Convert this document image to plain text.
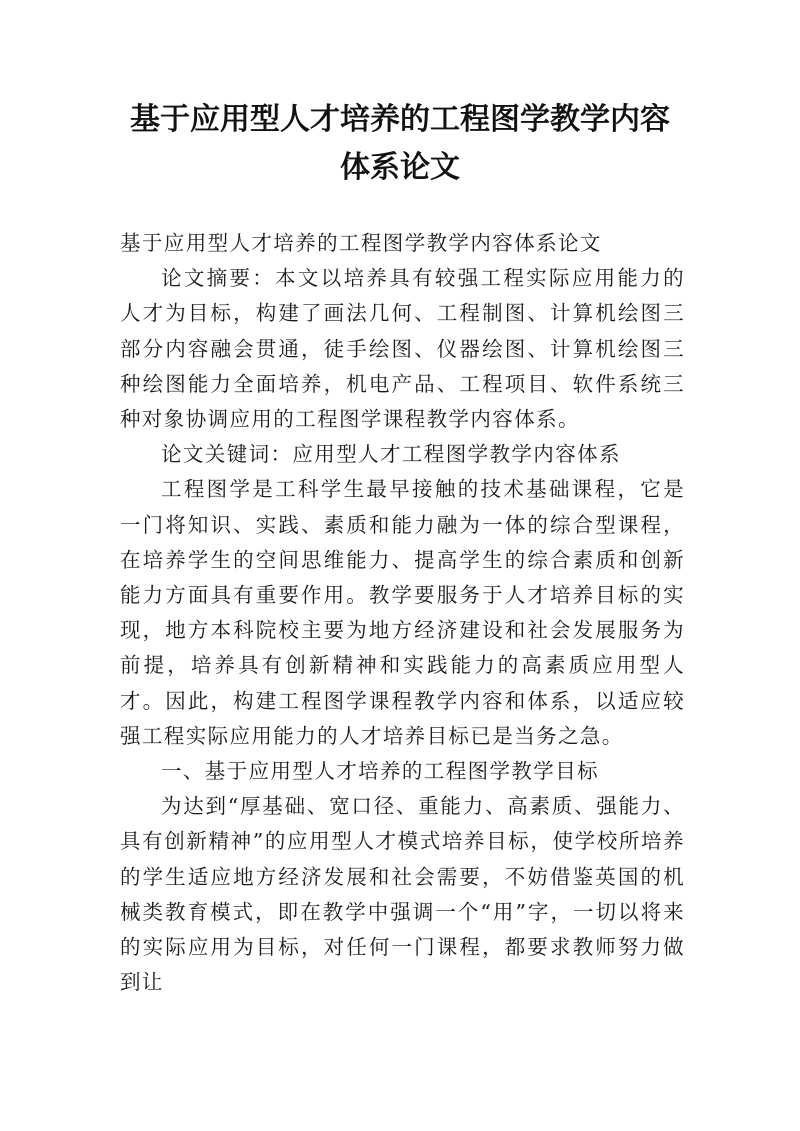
基于应用型人才培养的工程图学教学内容
体系论文

基于应用型人才培养的工程图学教学内容体系论文

论文摘要：本文以培养具有较强工程实际应用能力的人才为目标，构建了画法几何、工程制图、计算机绘图三部分内容融会贯通，徒手绘图、仪器绘图、计算机绘图三种绘图能力全面培养，机电产品、工程项目、软件系统三种对象协调应用的工程图学课程教学内容体系。

论文关键词：应用型人才工程图学教学内容体系

工程图学是工科学生最早接触的技术基础课程，它是一门将知识、实践、素质和能力融为一体的综合型课程，在培养学生的空间思维能力、提高学生的综合素质和创新能力方面具有重要作用。教学要服务于人才培养目标的实现，地方本科院校主要为地方经济建设和社会发展服务为前提，培养具有创新精神和实践能力的高素质应用型人才。因此，构建工程图学课程教学内容和体系，以适应较强工程实际应用能力的人才培养目标已是当务之急。

一、基于应用型人才培养的工程图学教学目标

为达到“厚基础、宽口径、重能力、高素质、强能力、具有创新精神”的应用型人才模式培养目标，使学校所培养的学生适应地方经济发展和社会需要，不妨借鉴英国的机械类教育模式，即在教学中强调一个“用”字，一切以将来的实际应用为目标，对任何一门课程，都要求教师努力做到让
